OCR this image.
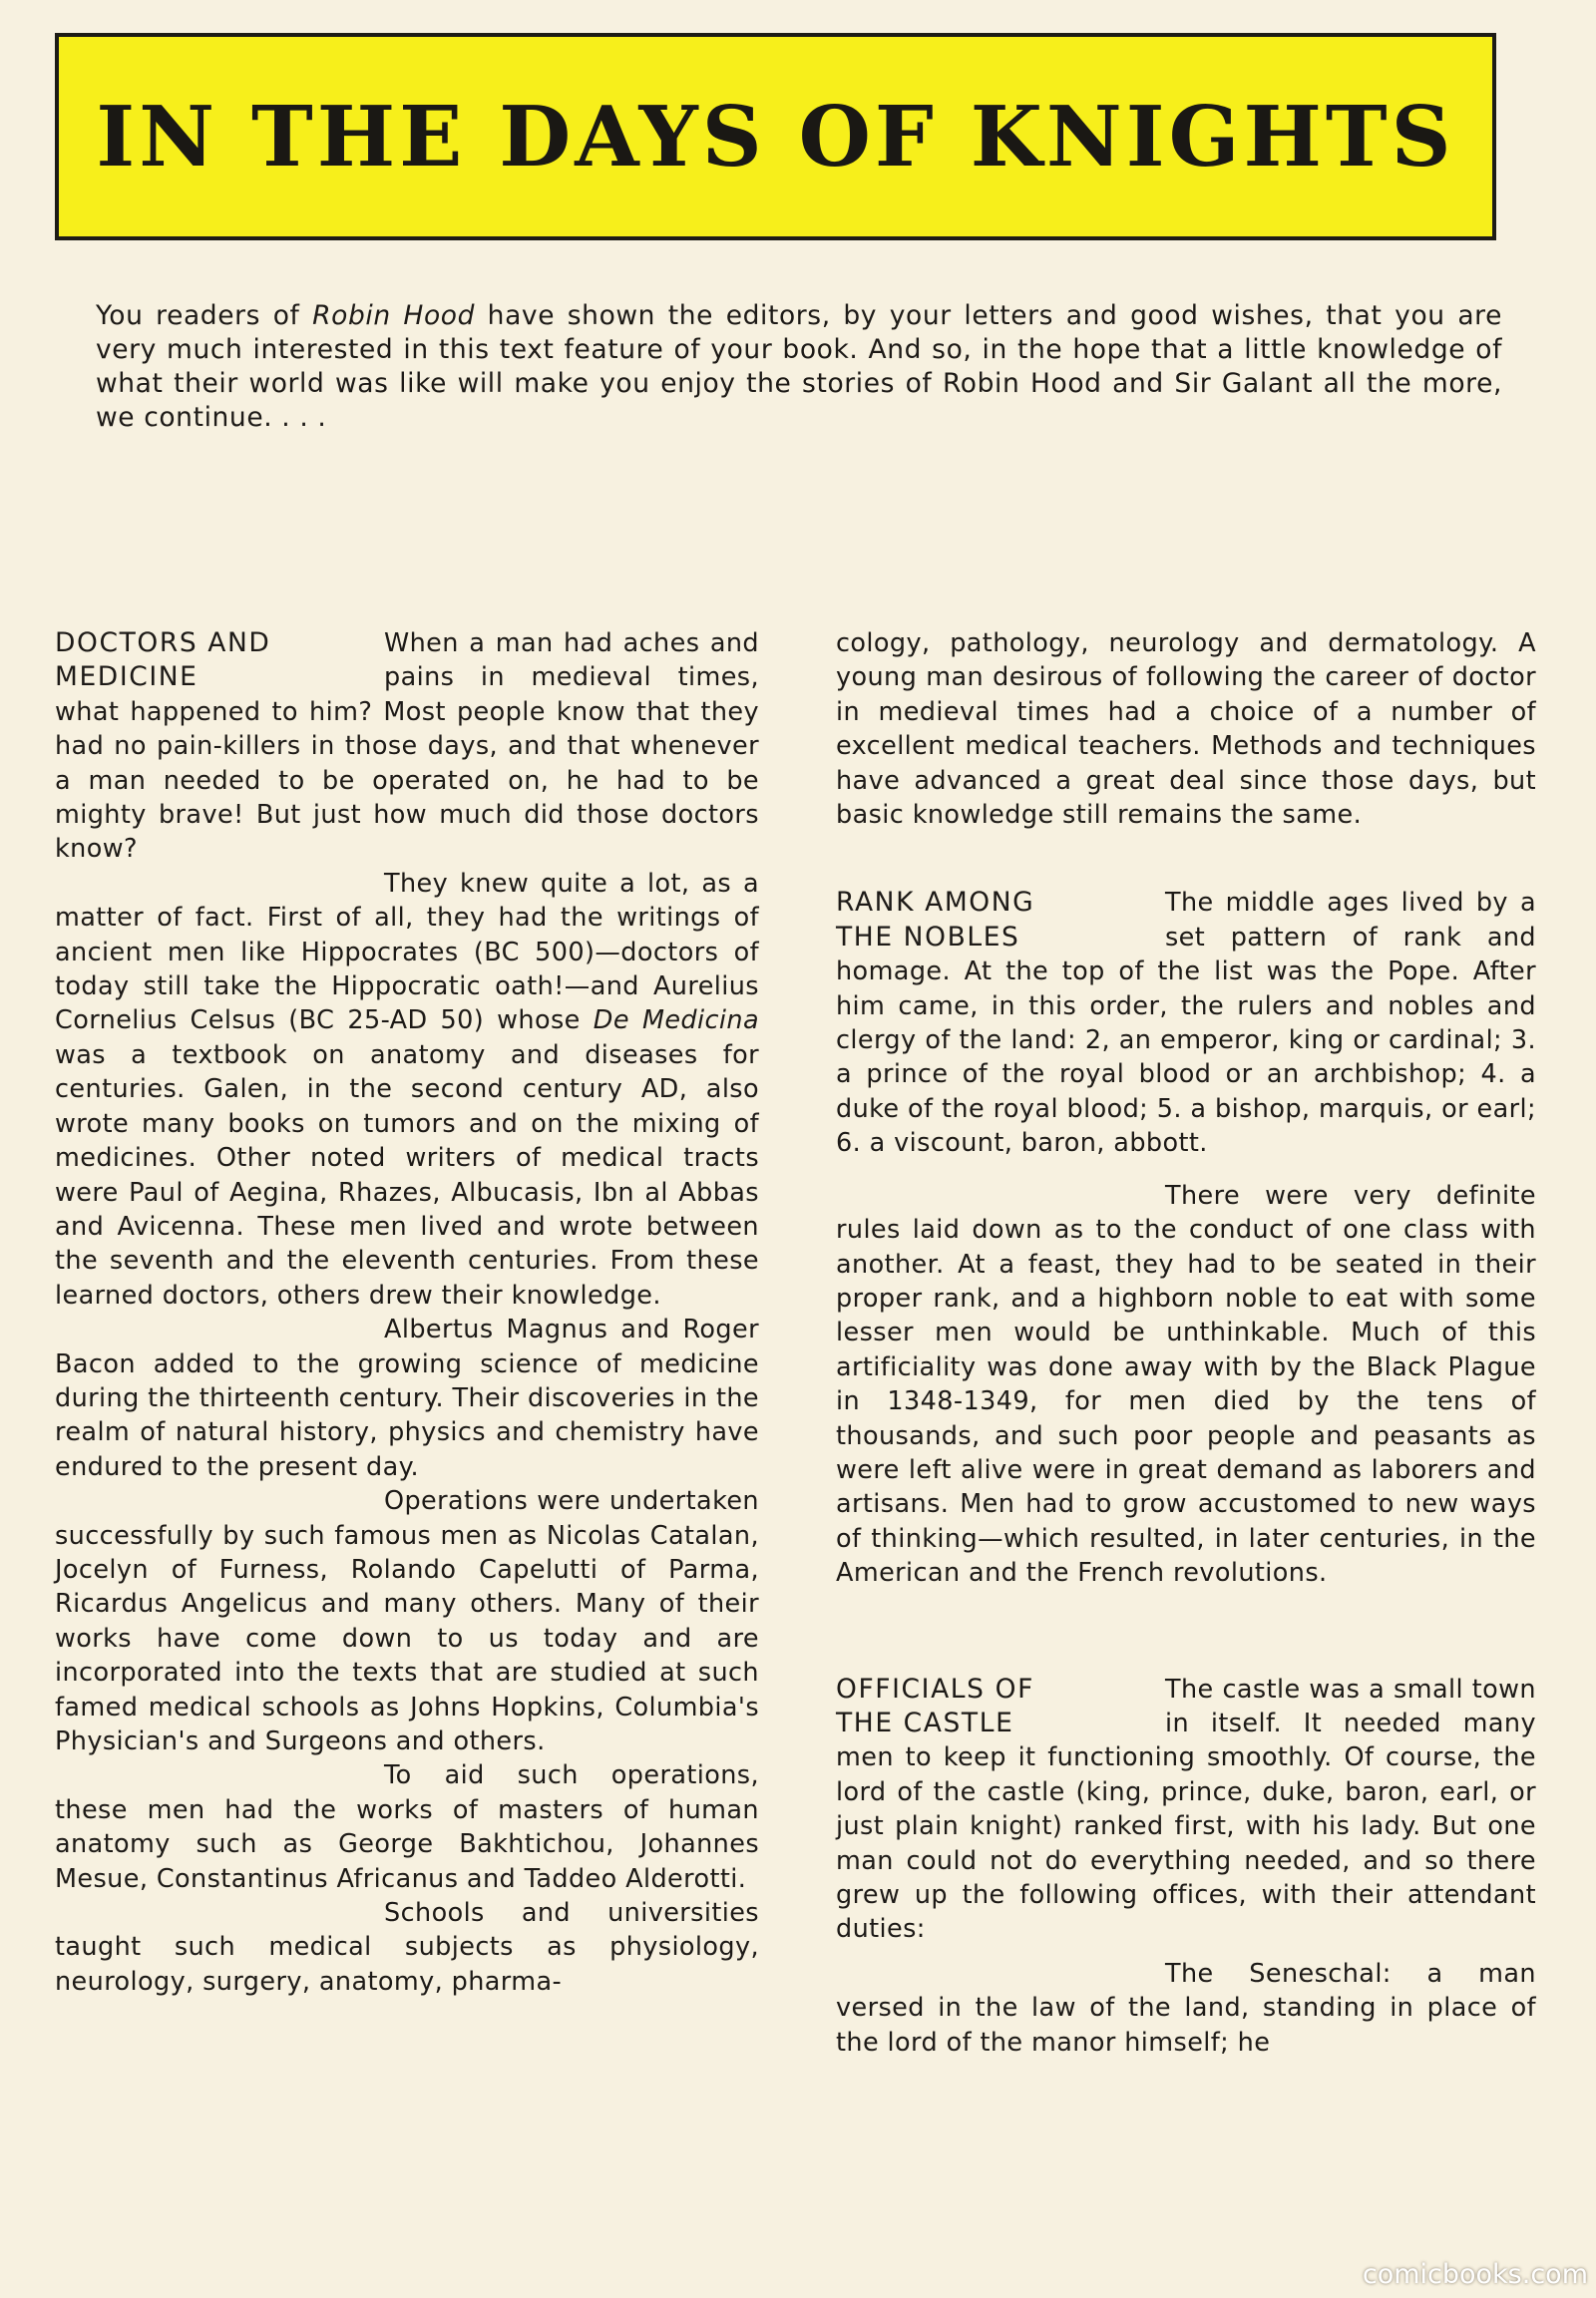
IN THE DAYS OF KNIGHTS
You readers of Robin Hood have shown the editors, by your letters and good wishes, that you are very much interested in this text feature of your book. And so, in the hope that a little knowledge of what their world was like will make you enjoy the stories of Robin Hood and Sir Galant all the more, we continue. . . .
DOCTORS AND
MEDICINE

When a man had aches and pains in medieval times, what happened to him? Most people know that they had no pain-killers in those days, and that whenever a man needed to be operated on, he had to be mighty brave! But just how much did those doctors know?

They knew quite a lot, as a matter of fact. First of all, they had the writings of ancient men like Hippocrates (BC 500)—doctors of today still take the Hippocratic oath!—and Aurelius Cornelius Celsus (BC 25-AD 50) whose De Medicina was a textbook on anatomy and diseases for centuries. Galen, in the second century AD, also wrote many books on tumors and on the mixing of medicines. Other noted writers of medical tracts were Paul of Aegina, Rhazes, Albucasis, Ibn al Abbas and Avicenna. These men lived and wrote between the seventh and the eleventh centuries. From these learned doctors, others drew their knowledge.

Albertus Magnus and Roger Bacon added to the growing science of medicine during the thirteenth century. Their discoveries in the realm of natural history, physics and chemistry have endured to the present day.

Operations were undertaken successfully by such famous men as Nicolas Catalan, Jocelyn of Furness, Rolando Capelutti of Parma, Ricardus Angelicus and many others. Many of their works have come down to us today and are incorporated into the texts that are studied at such famed medical schools as Johns Hopkins, Columbia's Physician's and Surgeons and others.

To aid such operations, these men had the works of masters of human anatomy such as George Bakhtichou, Johannes Mesue, Constantinus Africanus and Taddeo Alderotti.

Schools and universities taught such medical subjects as physiology, neurology, surgery, anatomy, pharma-

cology, pathology, neurology and dermatology. A young man desirous of following the career of doctor in medieval times had a choice of a number of excellent medical teachers. Methods and techniques have advanced a great deal since those days, but basic knowledge still remains the same.

RANK AMONG
THE NOBLES

The middle ages lived by a set pattern of rank and homage. At the top of the list was the Pope. After him came, in this order, the rulers and nobles and clergy of the land: 2, an emperor, king or cardinal; 3. a prince of the royal blood or an archbishop; 4. a duke of the royal blood; 5. a bishop, marquis, or earl; 6. a viscount, baron, abbott.

There were very definite rules laid down as to the conduct of one class with another. At a feast, they had to be seated in their proper rank, and a highborn noble to eat with some lesser men would be unthinkable. Much of this artificiality was done away with by the Black Plague in 1348-1349, for men died by the tens of thousands, and such poor people and peasants as were left alive were in great demand as laborers and artisans. Men had to grow accustomed to new ways of thinking—which resulted, in later centuries, in the American and the French revolutions.

OFFICIALS OF
THE CASTLE

The castle was a small town in itself. It needed many men to keep it functioning smoothly. Of course, the lord of the castle (king, prince, duke, baron, earl, or just plain knight) ranked first, with his lady. But one man could not do everything needed, and so there grew up the following offices, with their attendant duties:

The Seneschal: a man versed in the law of the land, standing in place of the lord of the manor himself; he

comicbooks.com
